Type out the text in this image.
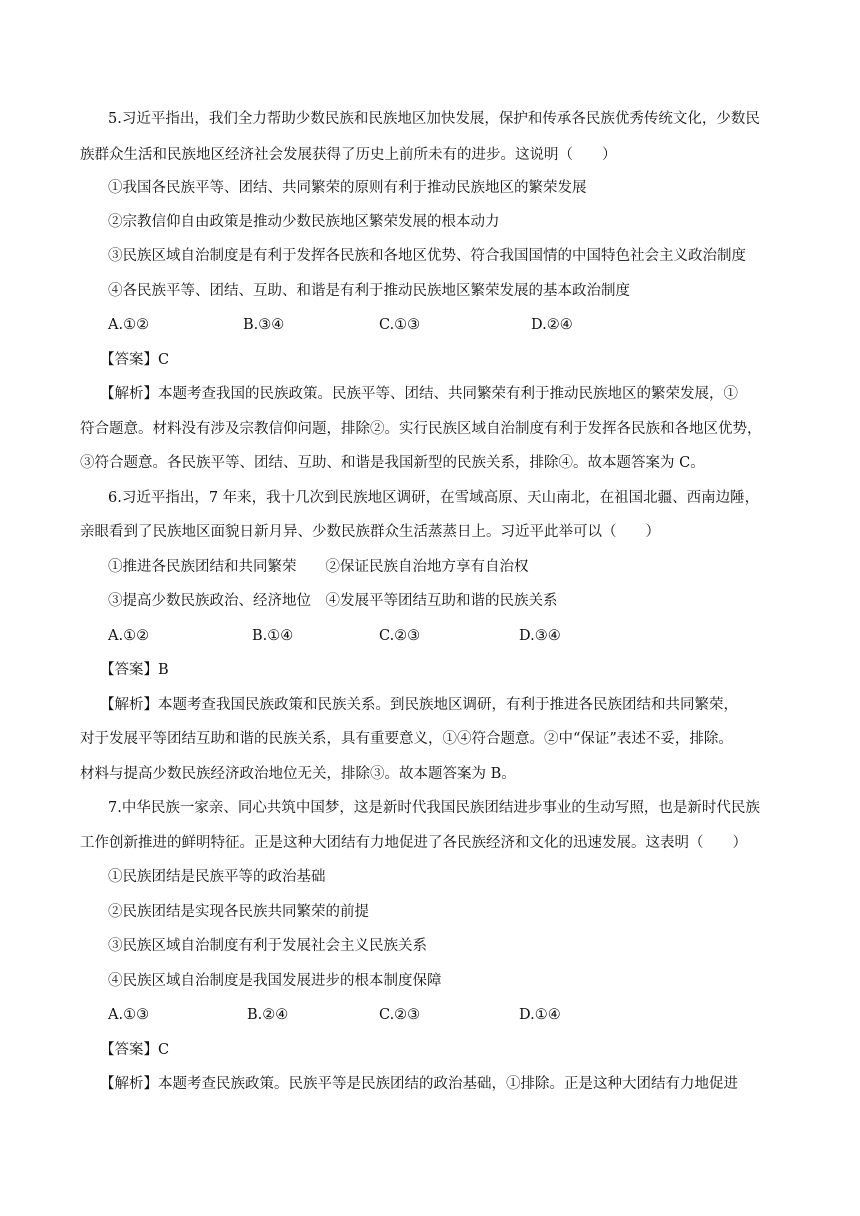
5.习近平指出，我们全力帮助少数民族和民族地区加快发展，保护和传承各民族优秀传统文化，少数民
族群众生活和民族地区经济社会发展获得了历史上前所未有的进步。这说明（　　）
①我国各民族平等、团结、共同繁荣的原则有利于推动民族地区的繁荣发展
②宗教信仰自由政策是推动少数民族地区繁荣发展的根本动力
③民族区域自治制度是有利于发挥各民族和各地区优势、符合我国国情的中国特色社会主义政治制度
④各民族平等、团结、互助、和谐是有利于推动民族地区繁荣发展的基本政治制度
A.①②	B.③④	C.①③	D.②④
【答案】C
【解析】本题考查我国的民族政策。民族平等、团结、共同繁荣有利于推动民族地区的繁荣发展，①
符合题意。材料没有涉及宗教信仰问题，排除②。实行民族区域自治制度有利于发挥各民族和各地区优势，
③符合题意。各民族平等、团结、互助、和谐是我国新型的民族关系，排除④。故本题答案为 C。
6.习近平指出，7 年来，我十几次到民族地区调研，在雪域高原、天山南北，在祖国北疆、西南边陲，
亲眼看到了民族地区面貌日新月异、少数民族群众生活蒸蒸日上。习近平此举可以（　　）
①推进各民族团结和共同繁荣　　②保证民族自治地方享有自治权
③提高少数民族政治、经济地位　④发展平等团结互助和谐的民族关系
A.①②	B.①④	C.②③	D.③④
【答案】B
【解析】本题考查我国民族政策和民族关系。到民族地区调研，有利于推进各民族团结和共同繁荣，
对于发展平等团结互助和谐的民族关系，具有重要意义，①④符合题意。②中“保证”表述不妥，排除。
材料与提高少数民族经济政治地位无关，排除③。故本题答案为 B。
7.中华民族一家亲、同心共筑中国梦，这是新时代我国民族团结进步事业的生动写照，也是新时代民族
工作创新推进的鲜明特征。正是这种大团结有力地促进了各民族经济和文化的迅速发展。这表明（　　）
①民族团结是民族平等的政治基础
②民族团结是实现各民族共同繁荣的前提
③民族区域自治制度有利于发展社会主义民族关系
④民族区域自治制度是我国发展进步的根本制度保障
A.①③	B.②④	C.②③	D.①④
【答案】C
【解析】本题考查民族政策。民族平等是民族团结的政治基础，①排除。正是这种大团结有力地促进
